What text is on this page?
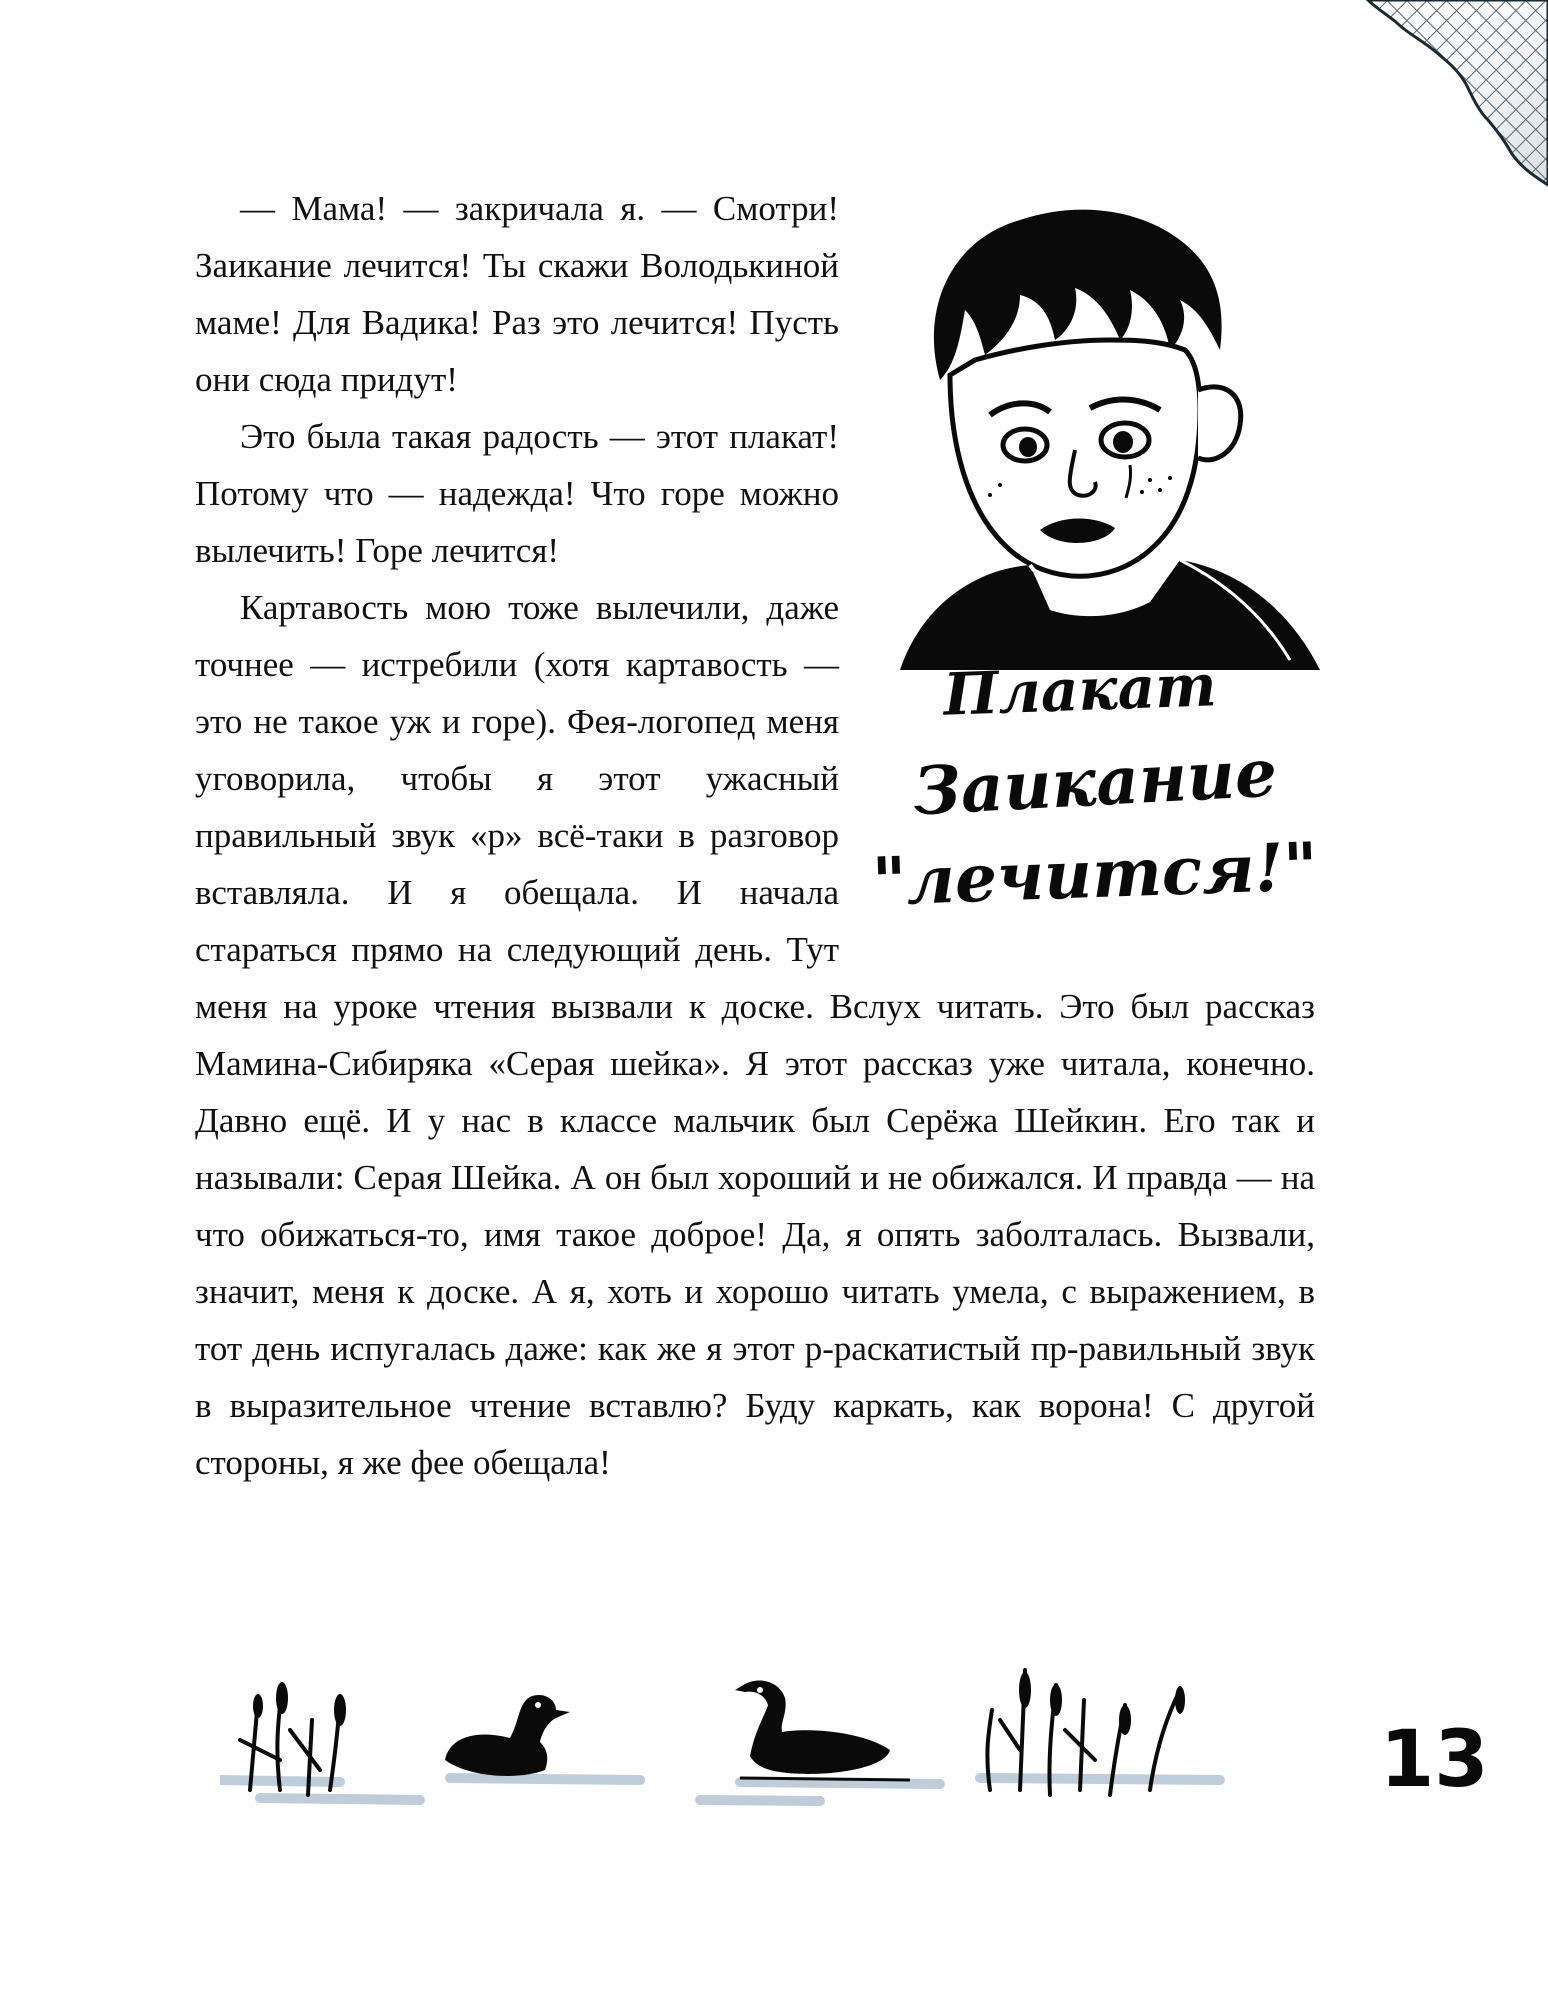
— Мама! — закричала я. — Смотри! Заикание лечится! Ты скажи Володькиной маме! Для Вадика! Раз это лечится! Пусть они сюда придут!

Это была такая радость — этот плакат! Потому что — надежда! Что горе можно вылечить! Горе лечится!

Картавость мою тоже вылечили, даже точнее — истребили (хотя картавость — это не такое уж и горе). Фея-логопед меня уговорила, чтобы я этот ужасный правильный звук «р» всё-таки в разговор вставляла. И я обещала. И начала стараться прямо на следующий день. Тут меня на уроке чтения вызвали к доске. Вслух читать. Это был рассказ Мамина-Сибиряка «Серая шейка». Я этот рассказ уже читала, конечно. Давно ещё. И у нас в классе мальчик был Серёжа Шейкин. Его так и называли: Серая Шейка. А он был хороший и не обижался. И правда — на что обижаться-то, имя такое доброе! Да, я опять заболталась. Вызвали, значит, меня к доске. А я, хоть и хорошо читать умела, с выражением, в тот день испугалась даже: как же я этот р-раскатистый пр-равильный звук в выразительное чтение вставлю? Буду каркать, как ворона! С другой стороны, я же фее обещала!

Плакат
Заикание
"лечится!"
13
